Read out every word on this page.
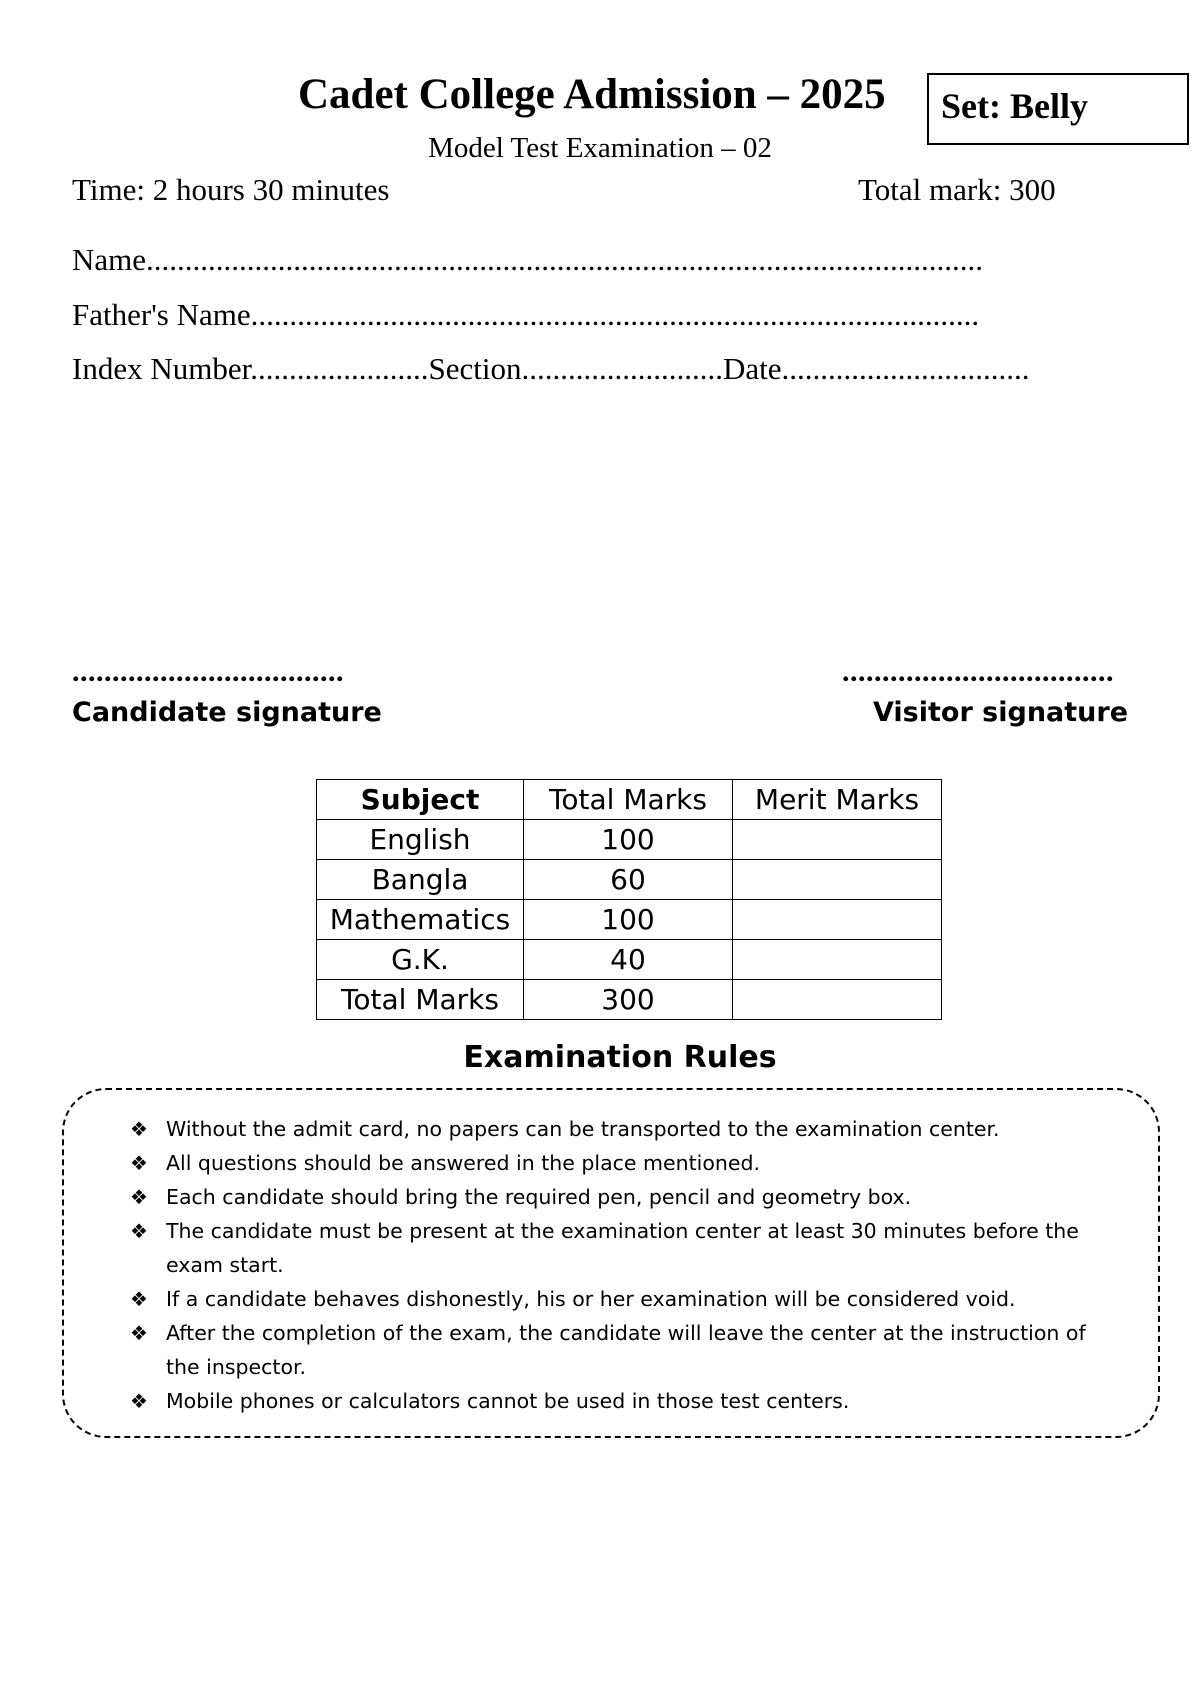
Cadet College Admission – 2025	Set: Belly
Model Test Examination – 02
Time: 2 hours 30 minutes	Total mark: 300
Name............................................................................................................
Father's Name..............................................................................................
Index Number.......................Section..........................Date................................
..................................	..................................
Candidate signature	Visitor signature
Subject	Total Marks	Merit Marks
English	100	
Bangla	60	
Mathematics	100	
G.K.	40	
Total Marks	300	
Examination Rules
❖ Without the admit card, no papers can be transported to the examination center.
❖ All questions should be answered in the place mentioned.
❖ Each candidate should bring the required pen, pencil and geometry box.
❖ The candidate must be present at the examination center at least 30 minutes before the exam start.
❖ If a candidate behaves dishonestly, his or her examination will be considered void.
❖ After the completion of the exam, the candidate will leave the center at the instruction of the inspector.
❖ Mobile phones or calculators cannot be used in those test centers.
